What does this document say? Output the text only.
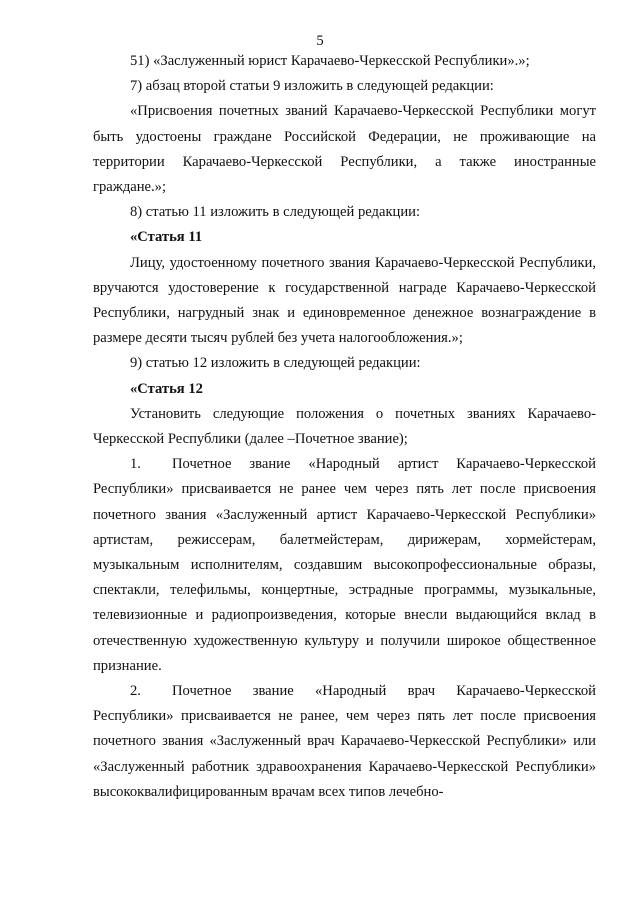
5

51) «Заслуженный юрист Карачаево-Черкесской Республики».»;

7) абзац второй статьи 9 изложить в следующей редакции:

«Присвоения почетных званий Карачаево-Черкесской Республики могут быть удостоены граждане Российской Федерации, не проживающие на территории Карачаево-Черкесской Республики, а также иностранные граждане.»;

8) статью 11 изложить в следующей редакции:

«Статья 11

Лицу, удостоенному почетного звания Карачаево-Черкесской Республики, вручаются удостоверение к государственной награде Карачаево-Черкесской Республики, нагрудный знак и единовременное денежное вознаграждение в размере десяти тысяч рублей без учета налогообложения.»;

9) статью 12 изложить в следующей редакции:

«Статья 12

Установить следующие положения о почетных званиях Карачаево-Черкесской Республики (далее –Почетное звание);

1. Почетное звание «Народный артист Карачаево-Черкесской Республики» присваивается не ранее чем через пять лет после присвоения почетного звания «Заслуженный артист Карачаево-Черкесской Республики» артистам, режиссерам, балетмейстерам, дирижерам, хормейстерам, музыкальным исполнителям, создавшим высокопрофессиональные образы, спектакли, телефильмы, концертные, эстрадные программы, музыкальные, телевизионные и радиопроизведения, которые внесли выдающийся вклад в отечественную художественную культуру и получили широкое общественное признание.

2. Почетное звание «Народный врач Карачаево-Черкесской Республики» присваивается не ранее, чем через пять лет после присвоения почетного звания «Заслуженный врач Карачаево-Черкесской Республики» или «Заслуженный работник здравоохранения Карачаево-Черкесской Республики» высококвалифицированным врачам всех типов лечебно-
